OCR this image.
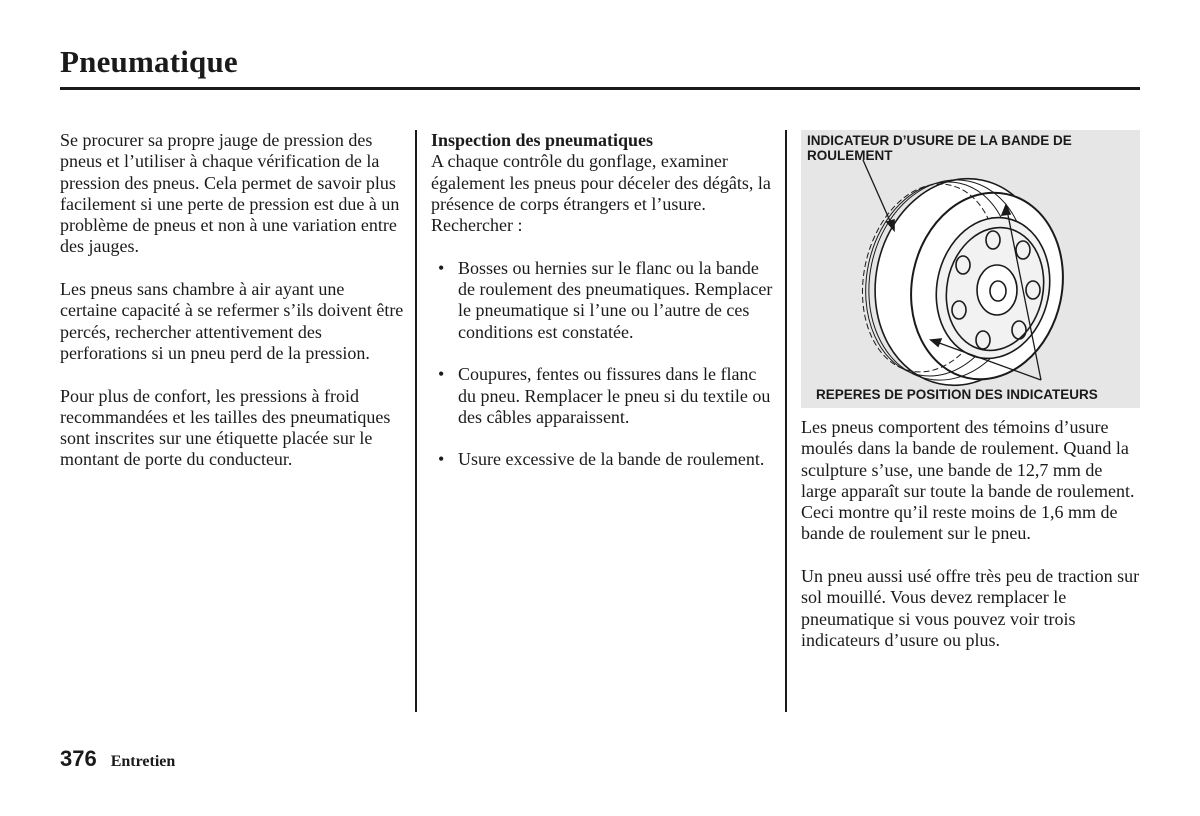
Pneumatique

Se procurer sa propre jauge de pression des pneus et l’utiliser à chaque vérification de la pression des pneus. Cela permet de savoir plus facilement si une perte de pression est due à un problème de pneus et non à une variation entre des jauges.

Les pneus sans chambre à air ayant une certaine capacité à se refermer s’ils doivent être percés, rechercher attentivement des perforations si un pneu perd de la pression.

Pour plus de confort, les pressions à froid recommandées et les tailles des pneumatiques sont inscrites sur une étiquette placée sur le montant de porte du conducteur.

Inspection des pneumatiques
A chaque contrôle du gonflage, examiner également les pneus pour déceler des dégâts, la présence de corps étrangers et l’usure. Rechercher :

• Bosses ou hernies sur le flanc ou la bande de roulement des pneumatiques. Remplacer le pneumatique si l’une ou l’autre de ces conditions est constatée.
• Coupures, fentes ou fissures dans le flanc du pneu. Remplacer le pneu si du textile ou des câbles apparaissent.
• Usure excessive de la bande de roulement.
INDICATEUR D’USURE DE LA BANDE DE ROULEMENT
REPERES DE POSITION DES INDICATEURS

Les pneus comportent des témoins d’usure moulés dans la bande de roulement. Quand la sculpture s’use, une bande de 12,7 mm de large apparaît sur toute la bande de roulement. Ceci montre qu’il reste moins de 1,6 mm de bande de roulement sur le pneu.

Un pneu aussi usé offre très peu de traction sur sol mouillé. Vous devez remplacer le pneumatique si vous pouvez voir trois indicateurs d’usure ou plus.

376 Entretien
